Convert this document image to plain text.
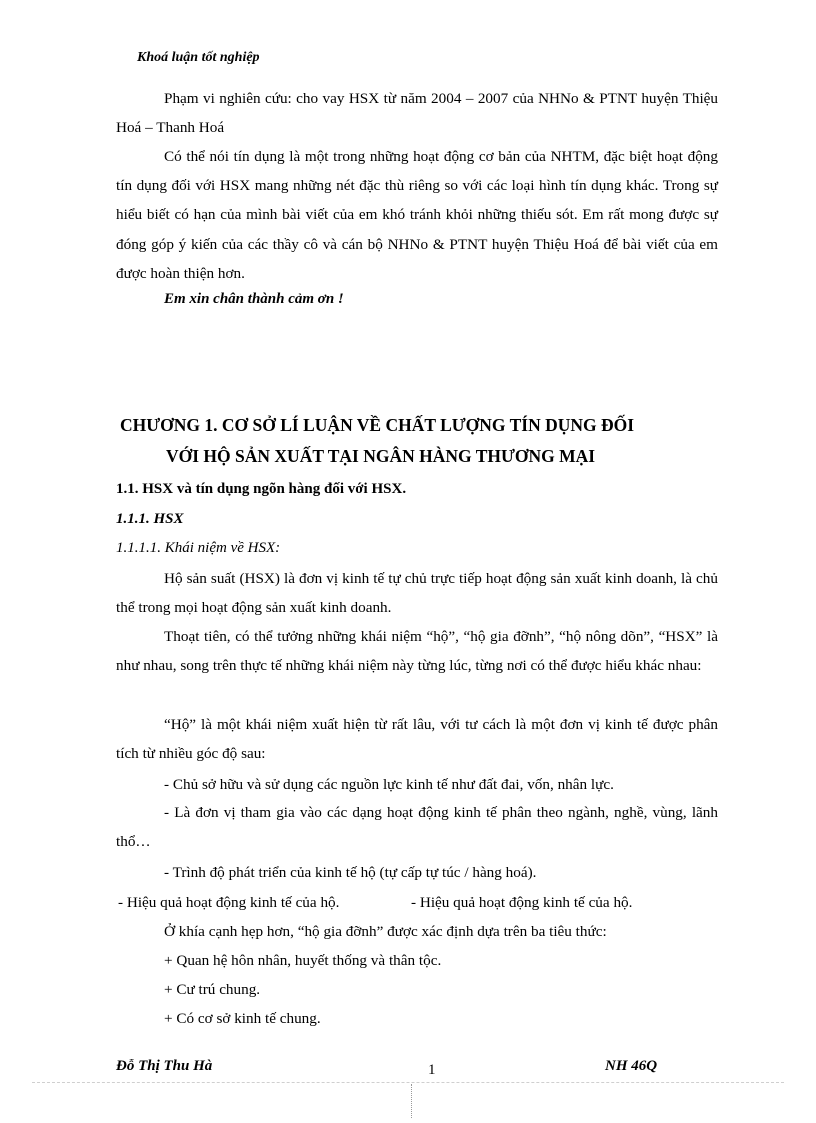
Khoá luận tốt nghiệp
Phạm vi nghiên cứu: cho vay HSX từ năm 2004 – 2007 của NHNo & PTNT huyện Thiệu Hoá – Thanh Hoá
Có thể nói tín dụng là một trong những hoạt động cơ bản của NHTM, đặc biệt hoạt động tín dụng đối với HSX mang những nét đặc thù riêng so với các loại hình tín dụng khác. Trong sự hiểu biết có hạn của mình bài viết của em khó tránh khỏi những thiếu sót. Em rất mong được sự đóng góp ý kiến của các thầy cô và cán bộ NHNo & PTNT huyện Thiệu Hoá để bài viết của em được hoàn thiện hơn.
Em xin chân thành cảm ơn !
CHƯƠNG 1. CƠ SỞ LÍ LUẬN VỀ CHẤT LƯỢNG TÍN DỤNG ĐỐI
VỚI HỘ SẢN XUẤT TẠI NGÂN HÀNG THƯƠNG MẠI
1.1. HSX và tín dụng ngõn hàng đối với HSX.
1.1.1. HSX
1.1.1.1. Khái niệm về HSX:
Hộ sản suất (HSX) là đơn vị kinh tế tự chủ trực tiếp hoạt động sản xuất kinh doanh, là chủ thể trong mọi hoạt động sản xuất kinh doanh.
Thoạt tiên, có thể tưởng những khái niệm “hộ”, “hộ gia đỡnh”, “hộ nông dõn”, “HSX” là như nhau, song trên thực tế những khái niệm này từng lúc, từng nơi có thể được hiểu khác nhau:
“Hộ” là một khái niệm xuất hiện từ rất lâu, với tư cách là một đơn vị kinh tế được phân tích từ nhiều góc độ sau:
- Chủ sở hữu và sử dụng các nguồn lực kinh tế như đất đai, vốn, nhân lực.
- Là đơn vị tham gia vào các dạng hoạt động kinh tế phân theo ngành, nghề, vùng, lãnh thổ…
- Trình độ phát triển của kinh tế hộ (tự cấp tự túc / hàng hoá).
- Hiệu quả hoạt động kinh tế của hộ.	- Hiệu quả hoạt động kinh tế của hộ.
Ở khía cạnh hẹp hơn, “hộ gia đỡnh” được xác định dựa trên ba tiêu thức:
+ Quan hệ hôn nhân, huyết thống và thân tộc.
+ Cư trú chung.
+ Có cơ sở kinh tế chung.
Đỗ Thị Thu Hà	1	NH 46Q
